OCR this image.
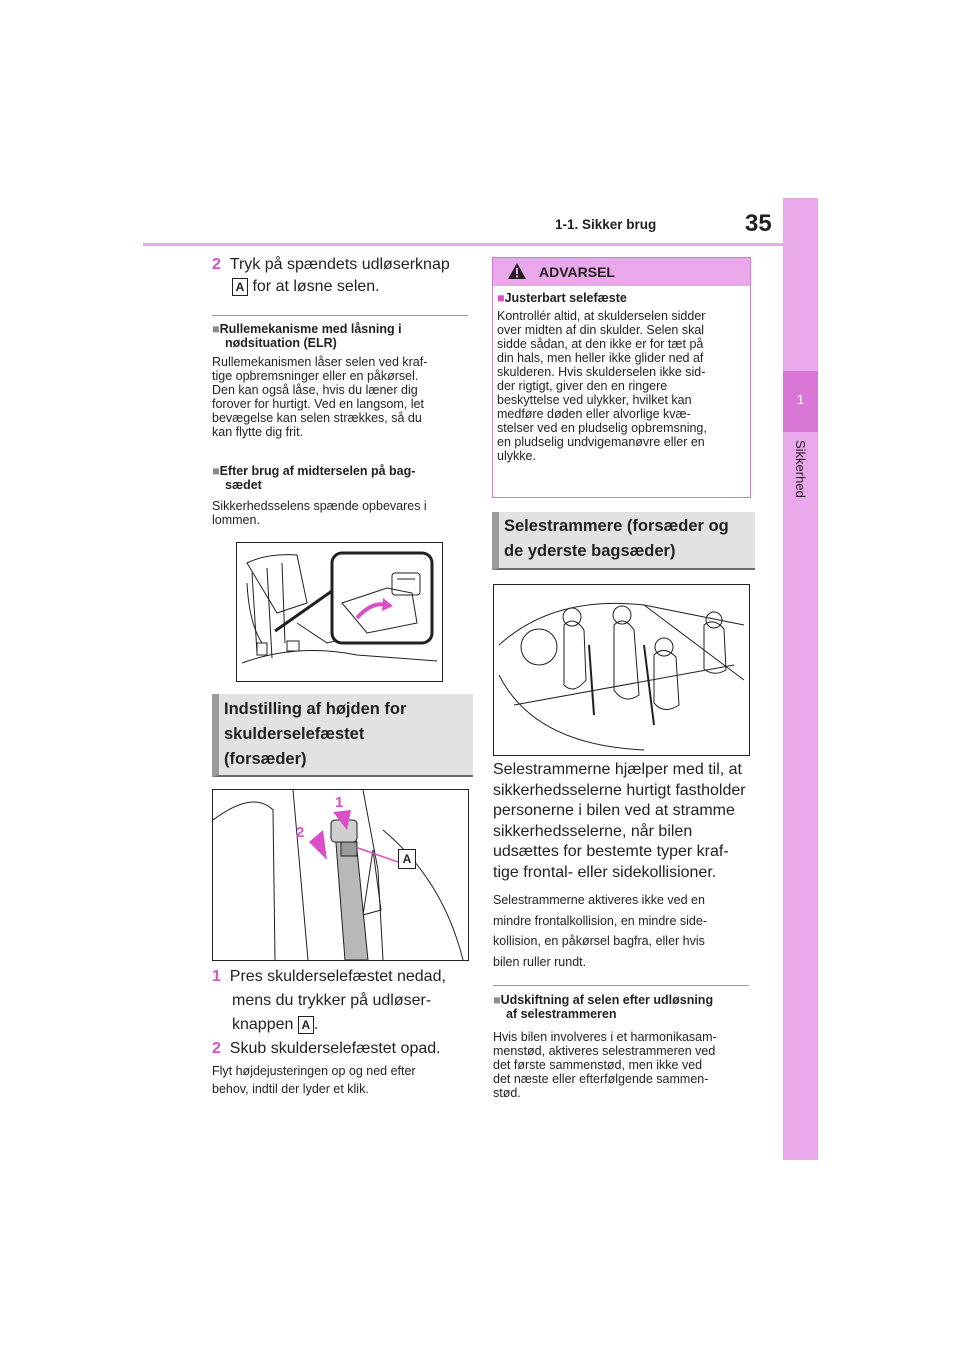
1-1. Sikker brug	35
1
Sikkerhed
2 Tryk på spændets udløserknap
A for at løsne selen.
■Rullemekanisme med låsning i
nødsituation (ELR)
Rullemekanismen låser selen ved kraf-
tige opbremsninger eller en påkørsel.
Den kan også låse, hvis du læner dig
forover for hurtigt. Ved en langsom, let
bevægelse kan selen strækkes, så du
kan flytte dig frit.
■Efter brug af midterselen på bag-
sædet
Sikkerhedsselens spænde opbevares i
lommen.
Indstilling af højden for
skulderselefæstet
(forsæder)
1
2
A
1 Pres skulderselefæstet nedad,
mens du trykker på udløser-
knappen A .
2 Skub skulderselefæstet opad.
Flyt højdejusteringen op og ned efter
behov, indtil der lyder et klik.
ADVARSEL
■Justerbart selefæste
Kontrollér altid, at skulderselen sidder
over midten af din skulder. Selen skal
sidde sådan, at den ikke er for tæt på
din hals, men heller ikke glider ned af
skulderen. Hvis skulderselen ikke sid-
der rigtigt, giver den en ringere
beskyttelse ved ulykker, hvilket kan
medføre døden eller alvorlige kvæ-
stelser ved en pludselig opbremsning,
en pludselig undvigemanøvre eller en
ulykke.
Selestrammere (forsæder og
de yderste bagsæder)
Selestrammerne hjælper med til, at
sikkerhedsselerne hurtigt fastholder
personerne i bilen ved at stramme
sikkerhedsselerne, når bilen
udsættes for bestemte typer kraf-
tige frontal- eller sidekollisioner.
Selestrammerne aktiveres ikke ved en
mindre frontalkollision, en mindre side-
kollision, en påkørsel bagfra, eller hvis
bilen ruller rundt.
■Udskiftning af selen efter udløsning
af selestrammeren
Hvis bilen involveres i et harmonikasam-
menstød, aktiveres selestrammeren ved
det første sammenstød, men ikke ved
det næste eller efterfølgende sammen-
stød.
